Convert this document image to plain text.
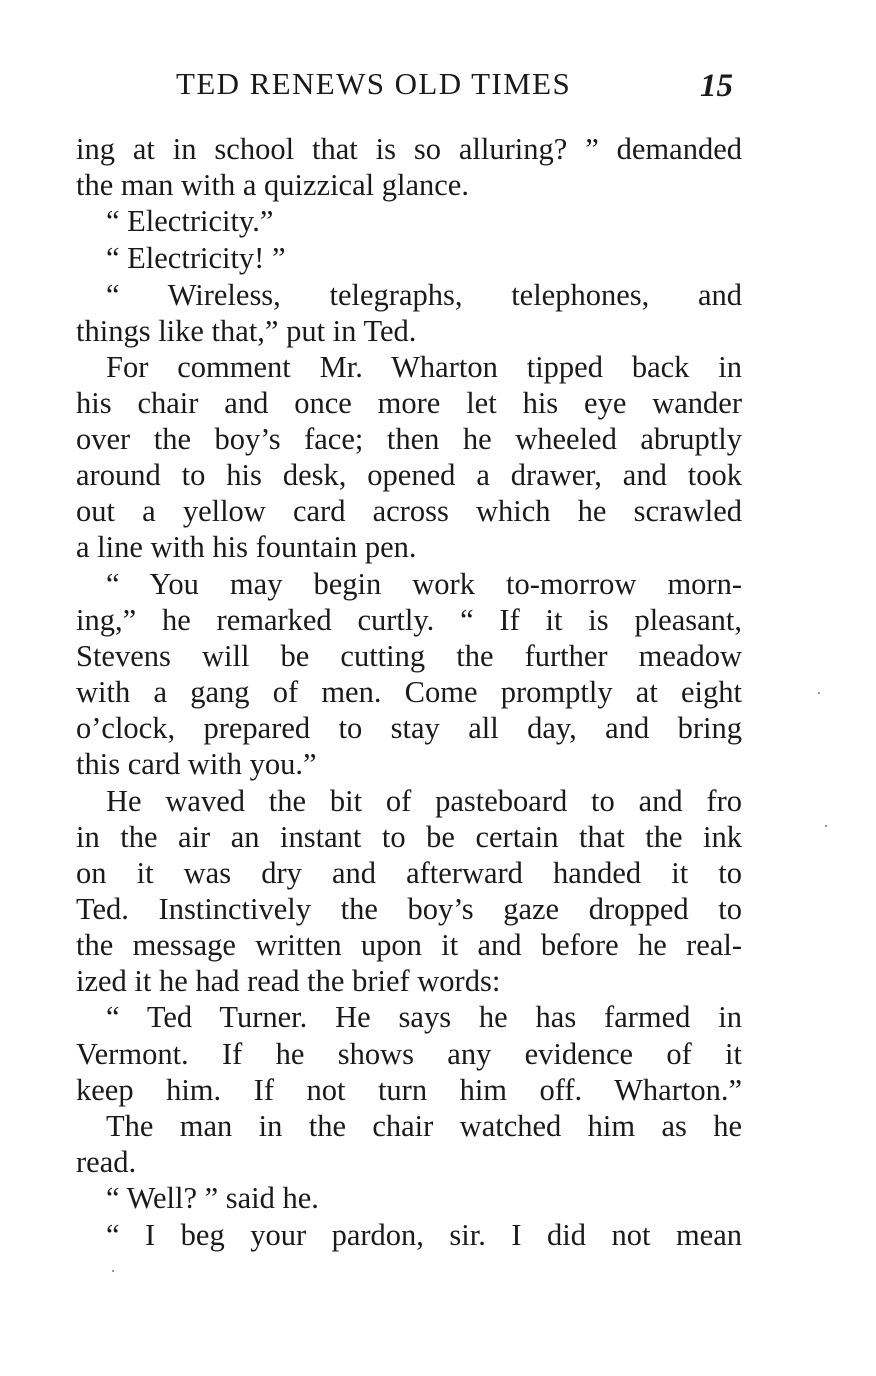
TED RENEWS OLD TIMES	15
ing at in school that is so alluring? ” demanded
the man with a quizzical glance.
“ Electricity.”
“ Electricity! ”
“ Wireless, telegraphs, telephones, and
things like that,” put in Ted.
For comment Mr. Wharton tipped back in
his chair and once more let his eye wander
over the boy’s face; then he wheeled abruptly
around to his desk, opened a drawer, and took
out a yellow card across which he scrawled
a line with his fountain pen.
“ You may begin work to-morrow morn-
ing,” he remarked curtly. “ If it is pleasant,
Stevens will be cutting the further meadow
with a gang of men. Come promptly at eight
o’clock, prepared to stay all day, and bring
this card with you.”
He waved the bit of pasteboard to and fro
in the air an instant to be certain that the ink
on it was dry and afterward handed it to
Ted. Instinctively the boy’s gaze dropped to
the message written upon it and before he real-
ized it he had read the brief words:
“ Ted Turner. He says he has farmed in
Vermont. If he shows any evidence of it
keep him. If not turn him off. Wharton.”
The man in the chair watched him as he
read.
“ Well? ” said he.
“ I beg your pardon, sir. I did not mean
